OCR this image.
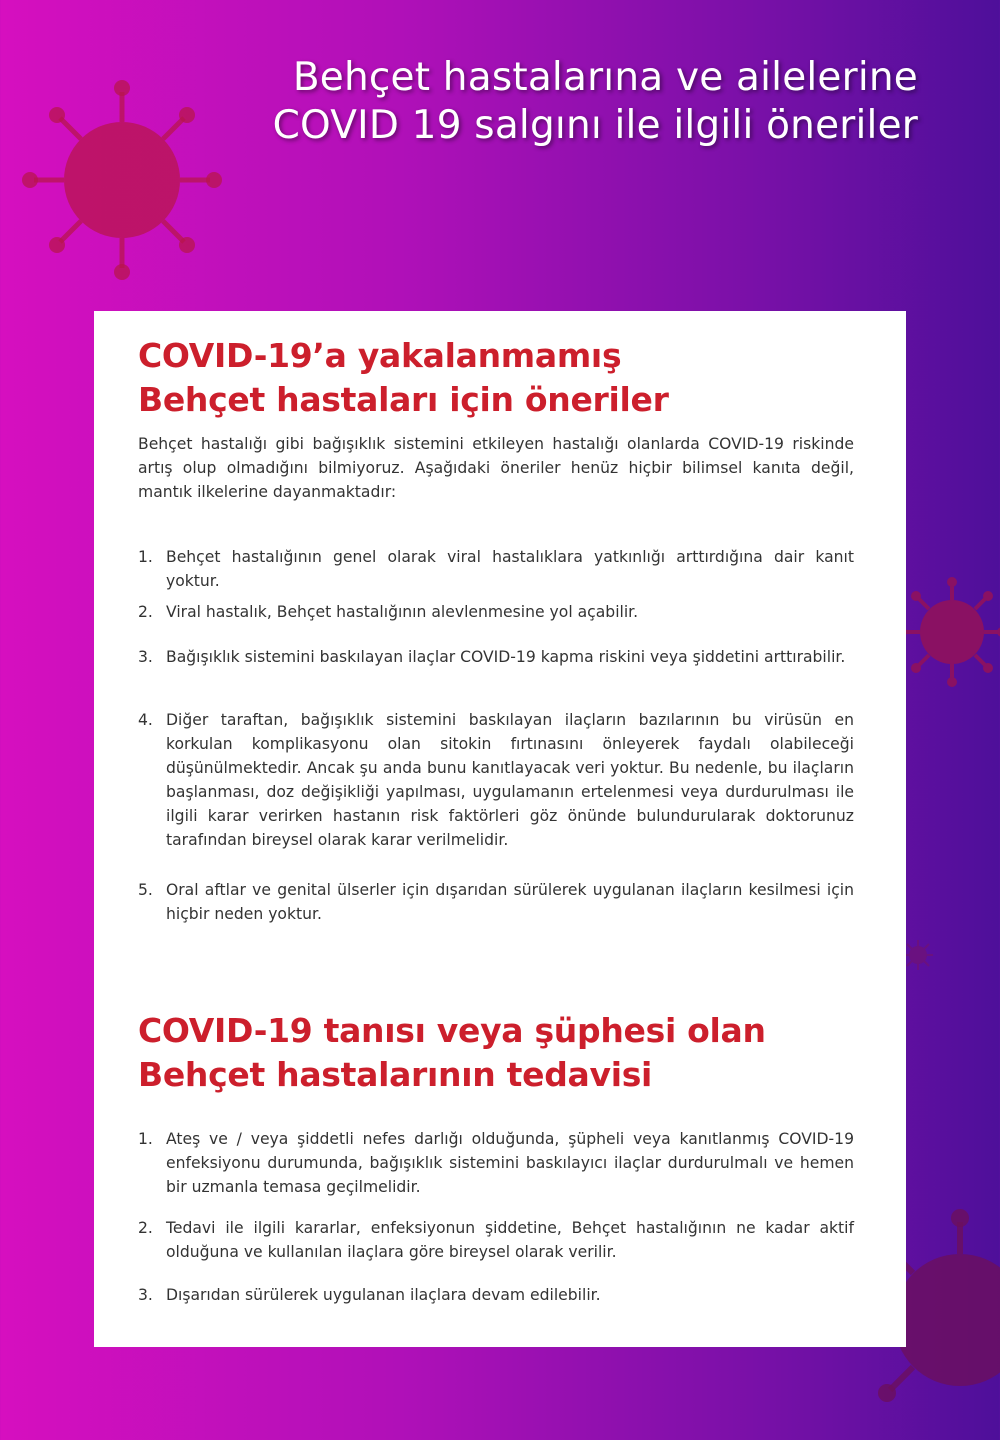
Behçet hastalarına ve ailelerine
COVID 19 salgını ile ilgili öneriler
COVID-19’a yakalanmamış
Behçet hastaları için öneriler

Behçet hastalığı gibi bağışıklık sistemini etkileyen hastalığı olanlarda COVID-19 riskinde artış olup olmadığını bilmiyoruz. Aşağıdaki öneriler henüz hiçbir bilimsel kanıta değil, mantık ilkelerine dayanmaktadır:

1. Behçet hastalığının genel olarak viral hastalıklara yatkınlığı arttırdığına dair kanıt yoktur.
2. Viral hastalık, Behçet hastalığının alevlenmesine yol açabilir.
3. Bağışıklık sistemini baskılayan ilaçlar COVID-19 kapma riskini veya şiddetini arttırabilir.
4. Diğer taraftan, bağışıklık sistemini baskılayan ilaçların bazılarının bu virüsün en korkulan komplikasyonu olan sitokin fırtınasını önleyerek faydalı olabileceği düşünülmektedir. Ancak şu anda bunu kanıtlayacak veri yoktur. Bu nedenle, bu ilaçların başlanması, doz değişikliği yapılması, uygulamanın ertelenmesi veya durdurulması ile ilgili karar verirken hastanın risk faktörleri göz önünde bulundurularak doktorunuz tarafından bireysel olarak karar verilmelidir.
5. Oral aftlar ve genital ülserler için dışarıdan sürülerek uygulanan ilaçların kesilmesi için hiçbir neden yoktur.
COVID-19 tanısı veya şüphesi olan
Behçet hastalarının tedavisi
1. Ateş ve / veya şiddetli nefes darlığı olduğunda, şüpheli veya kanıtlanmış COVID-19 enfeksiyonu durumunda, bağışıklık sistemini baskılayıcı ilaçlar durdurulmalı ve hemen bir uzmanla temasa geçilmelidir.
2. Tedavi ile ilgili kararlar, enfeksiyonun şiddetine, Behçet hastalığının ne kadar aktif olduğuna ve kullanılan ilaçlara göre bireysel olarak verilir.
3. Dışarıdan sürülerek uygulanan ilaçlara devam edilebilir.
